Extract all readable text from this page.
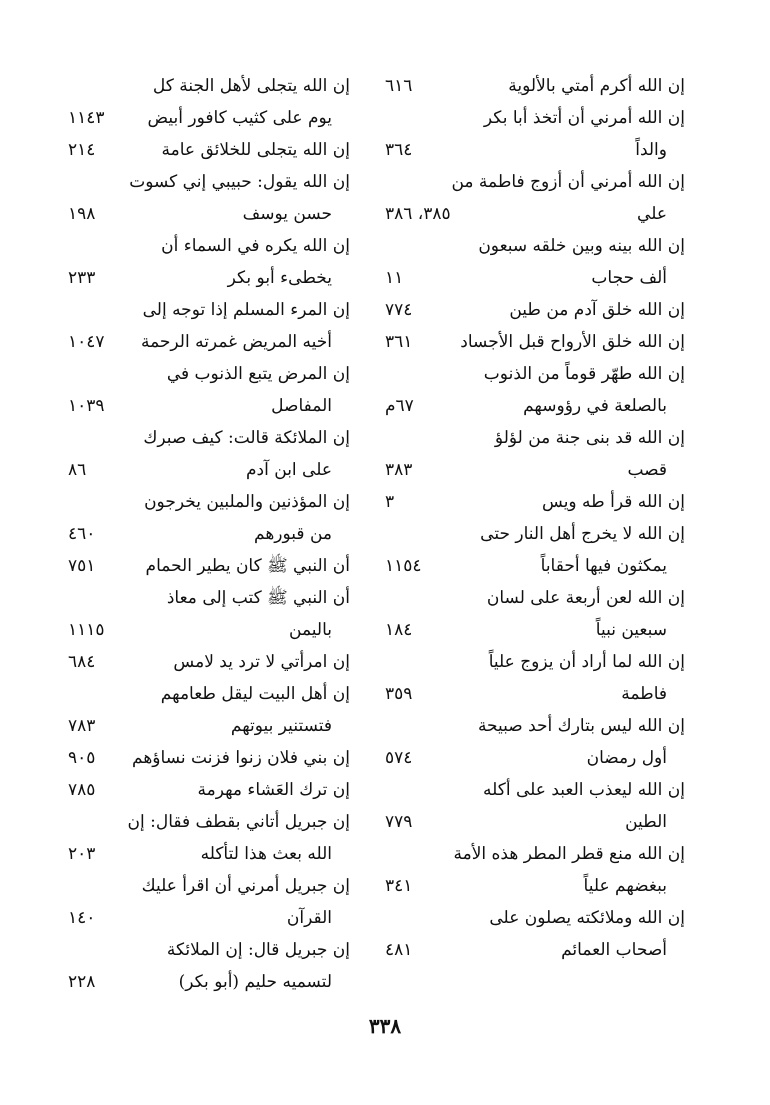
إن الله أكرم أمتي بالألوية
٦١٦
إن الله أمرني أن أتخذ أبا بكر
والداً
٣٦٤
إن الله أمرني أن أزوج فاطمة من
علي
٣٨٥، ٣٨٦
إن الله بينه وبين خلقه سبعون
ألف حجاب
١١
إن الله خلق آدم من طين
٧٧٤
إن الله خلق الأرواح قبل الأجساد
٣٦١
إن الله طهّر قوماً من الذنوب
بالصلعة في رؤوسهم
٦٧م
إن الله قد بنى جنة من لؤلؤ
قصب
٣٨٣
إن الله قرأ طه ويس
٣
إن الله لا يخرج أهل النار حتى
يمكثون فيها أحقاباً
١١٥٤
إن الله لعن أربعة على لسان
سبعين نبياً
١٨٤
إن الله لما أراد أن يزوج علياً
فاطمة
٣٥٩
إن الله ليس بتارك أحد صبيحة
أول رمضان
٥٧٤
إن الله ليعذب العبد على أكله
الطين
٧٧٩
إن الله منع قطر المطر هذه الأمة
ببغضهم علياً
٣٤١
إن الله وملائكته يصلون على
أصحاب العمائم
٤٨١
إن الله يتجلى لأهل الجنة كل
يوم على كثيب كافور أبيض
١١٤٣
إن الله يتجلى للخلائق عامة
٢١٤
إن الله يقول: حبيبي إني كسوت
حسن يوسف
١٩٨
إن الله يكره في السماء أن
يخطىء أبو بكر
٢٣٣
إن المرء المسلم إذا توجه إلى
أخيه المريض غمرته الرحمة
١٠٤٧
إن المرض يتبع الذنوب في
المفاصل
١٠٣٩
إن الملائكة قالت: كيف صبرك
على ابن آدم
٨٦
إن المؤذنين والملبين يخرجون
من قبورهم
٤٦٠
أن النبي ﷺ كان يطير الحمام
٧٥١
أن النبي ﷺ كتب إلى معاذ
باليمن
١١١٥
إن امرأتي لا ترد يد لامس
٦٨٤
إن أهل البيت ليقل طعامهم
فتستنير بيوتهم
٧٨٣
إن بني فلان زنوا فزنت نساؤهم
٩٠٥
إن ترك العَشاء مهرمة
٧٨٥
إن جبريل أتاني بقطف فقال: إن
الله بعث هذا لتأكله
٢٠٣
إن جبريل أمرني أن اقرأ عليك
القرآن
١٤٠
إن جبريل قال: إن الملائكة
لتسميه حليم (أبو بكر)
٢٢٨
٣٣٨
